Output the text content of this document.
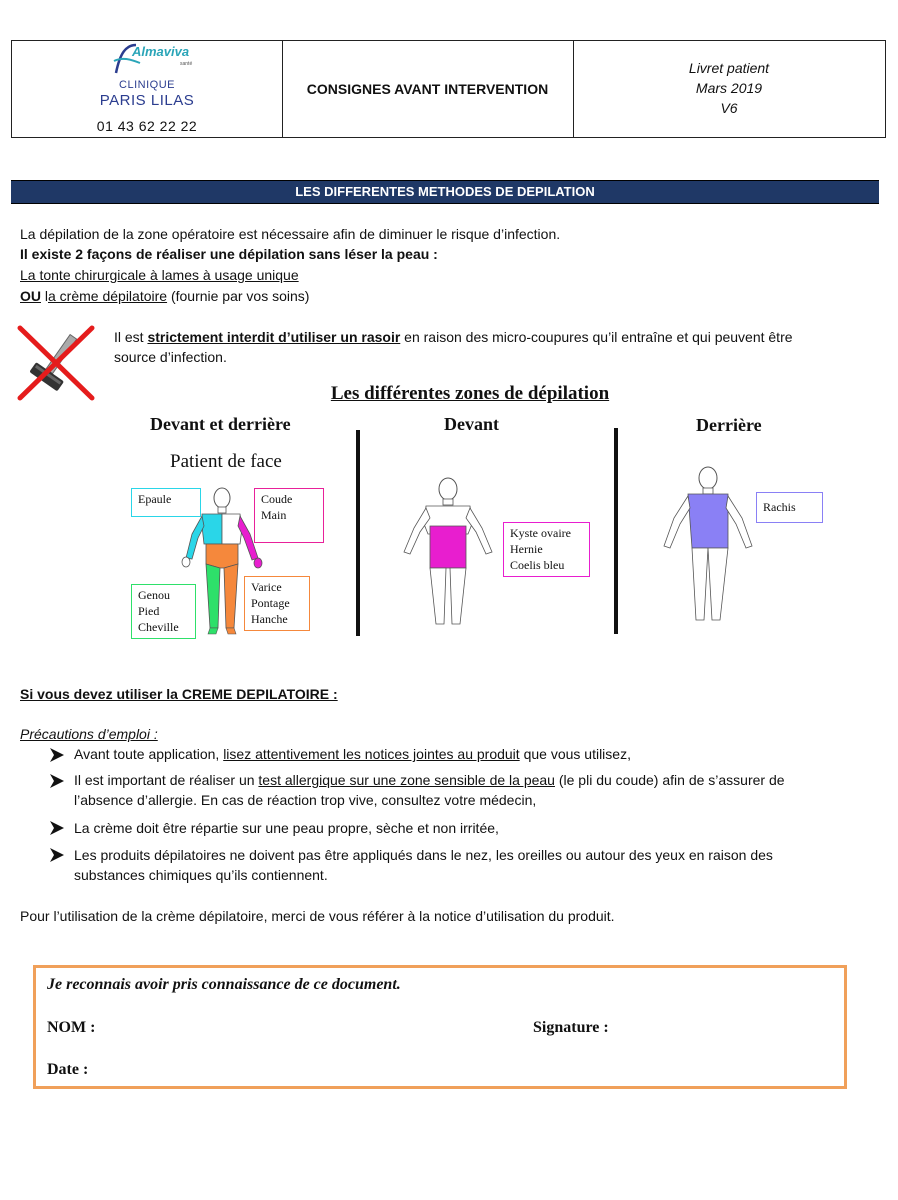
Almaviva
santé
CLINIQUE
PARIS LILAS
01 43 62 22 22
CONSIGNES AVANT INTERVENTION
Livret patient
Mars 2019
V6
LES DIFFERENTES METHODES DE DEPILATION
La dépilation de la zone opératoire est nécessaire afin de diminuer le risque d’infection.
Il existe 2 façons de réaliser une dépilation sans léser la peau :
La tonte chirurgicale à lames à usage unique
OU la crème dépilatoire (fournie par vos soins)
Il est strictement interdit d’utiliser un rasoir en raison des micro-coupures qu’il entraîne et qui peuvent être
source d’infection.
Les différentes zones de dépilation
Devant et derrière
Patient de face
Devant	Derrière
Epaule	Coude
Main
Genou
Pied
Cheville
Varice
Pontage
Hanche
Kyste ovaire
Hernie
Coelis bleu
Rachis
Si vous devez utiliser la CREME DEPILATOIRE :
Précautions d’emploi :
Avant toute application, lisez attentivement les notices jointes au produit que vous utilisez,
Il est important de réaliser un test allergique sur une zone sensible de la peau (le pli du coude) afin de s’assurer de
l’absence d’allergie. En cas de réaction trop vive, consultez votre médecin,
La crème doit être répartie sur une peau propre, sèche et non irritée,
Les produits dépilatoires ne doivent pas être appliqués dans le nez, les oreilles ou autour des yeux en raison des
substances chimiques qu’ils contiennent.
Pour l’utilisation de la crème dépilatoire, merci de vous référer à la notice d’utilisation du produit.
Je reconnais avoir pris connaissance de ce document.
NOM :	Signature :
Date :
